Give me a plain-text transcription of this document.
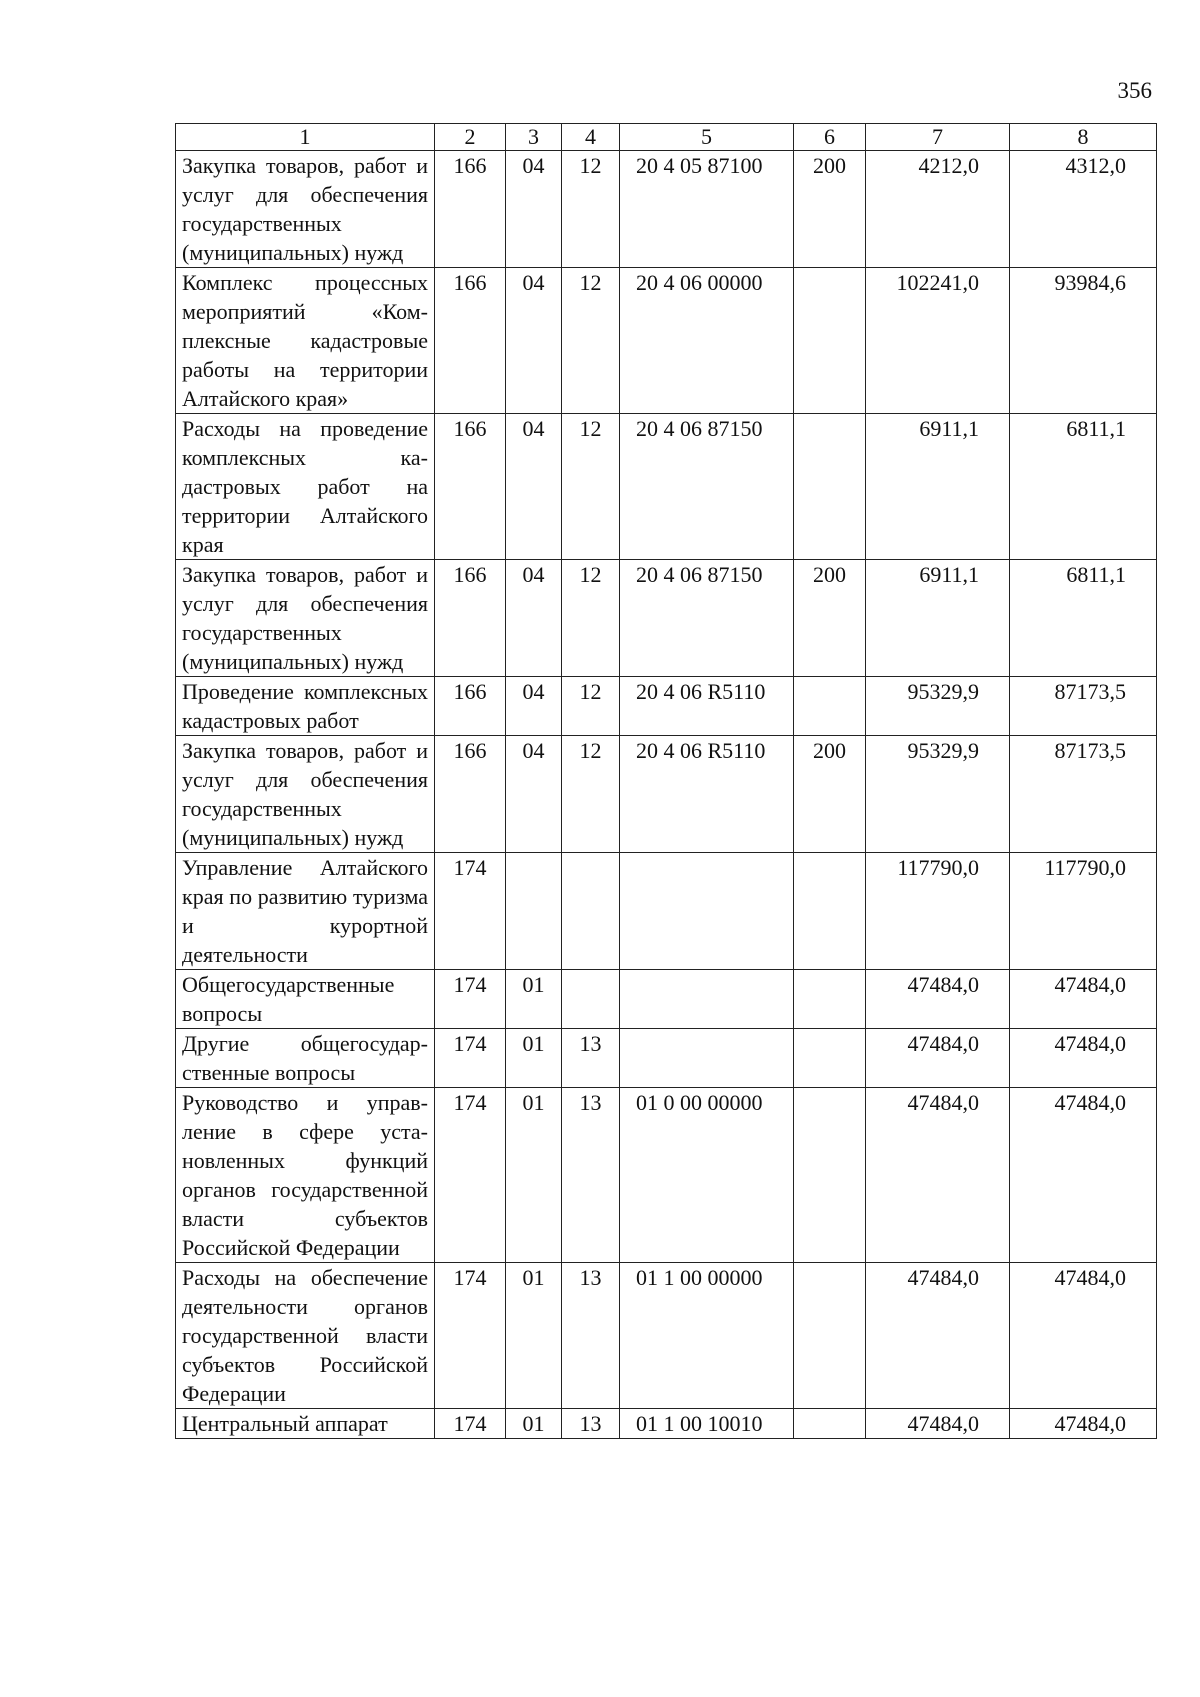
356
1	2	3	4	5	6	7	8
Закупка товаров, работ и услуг для обеспечения государственных (муниципальных) нужд	166	04	12	20 4 05 87100	200	4212,0	4312,0
Комплекс процессных мероприятий «Комплексные кадастровые работы на территории Алтайского края»	166	04	12	20 4 06 00000		102241,0	93984,6
Расходы на проведение комплексных кадастровых работ на территории Алтайского края	166	04	12	20 4 06 87150		6911,1	6811,1
Закупка товаров, работ и услуг для обеспечения государственных (муниципальных) нужд	166	04	12	20 4 06 87150	200	6911,1	6811,1
Проведение комплексных кадастровых работ	166	04	12	20 4 06 R5110		95329,9	87173,5
Закупка товаров, работ и услуг для обеспечения государственных (муниципальных) нужд	166	04	12	20 4 06 R5110	200	95329,9	87173,5
Управление Алтайского края по развитию туризма и курортной деятельности	174					117790,0	117790,0
Общегосударственные вопросы	174	01				47484,0	47484,0
Другие общегосударственные вопросы	174	01	13			47484,0	47484,0
Руководство и управление в сфере установленных функций органов государственной власти субъектов Российской Федерации	174	01	13	01 0 00 00000		47484,0	47484,0
Расходы на обеспечение деятельности органов государственной власти субъектов Российской Федерации	174	01	13	01 1 00 00000		47484,0	47484,0
Центральный аппарат	174	01	13	01 1 00 10010		47484,0	47484,0
